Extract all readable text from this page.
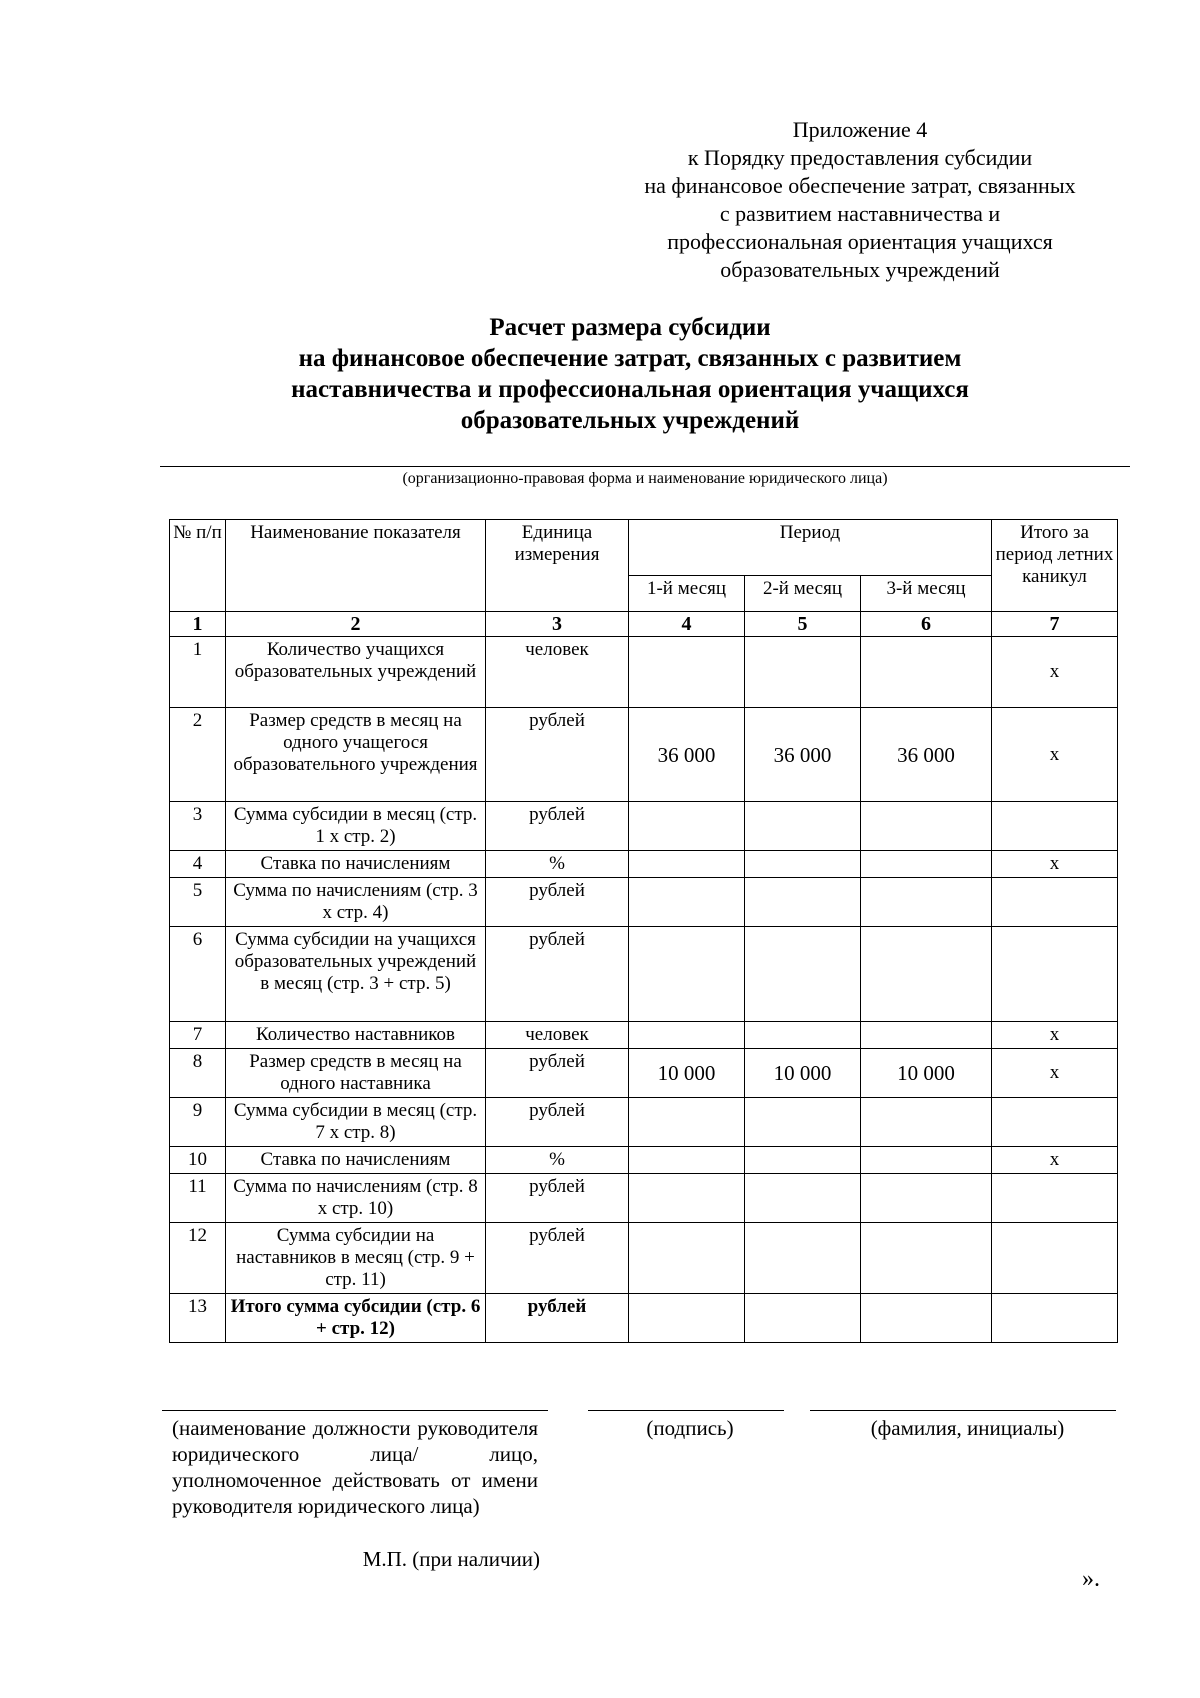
Приложение 4
к Порядку предоставления субсидии
на финансовое обеспечение затрат, связанных
с развитием наставничества и
профессиональная ориентация учащихся
образовательных учреждений
Расчет размера субсидии
на финансовое обеспечение затрат, связанных с развитием
наставничества и профессиональная ориентация учащихся
образовательных учреждений
(организационно-правовая форма и наименование юридического лица)
№ п/п	Наименование показателя	Единица измерения	Период			Итого за период летних каникул
			1-й месяц	2-й месяц	3-й месяц	
1	2	3	4	5	6	7
1	Количество учащихся образовательных учреждений	человек				х
2	Размер средств в месяц на одного учащегося образовательного учреждения	рублей	36 000	36 000	36 000	х
3	Сумма субсидии в месяц (стр. 1 х стр. 2)	рублей				
4	Ставка по начислениям	%				х
5	Сумма по начислениям (стр. 3 х стр. 4)	рублей				
6	Сумма субсидии на учащихся образовательных учреждений в месяц (стр. 3 + стр. 5)	рублей				
7	Количество наставников	человек				х
8	Размер средств в месяц на одного наставника	рублей	10 000	10 000	10 000	х
9	Сумма субсидии в месяц (стр. 7 х стр. 8)	рублей				
10	Ставка по начислениям	%				х
11	Сумма по начислениям (стр. 8 х стр. 10)	рублей				
12	Сумма субсидии на наставников в месяц (стр. 9 + стр. 11)	рублей				
13	Итого сумма субсидии (стр. 6 + стр. 12)	рублей				
(наименование должности руководителя юридического лица/ лицо, уполномоченное действовать от имени руководителя юридического лица)
(подпись)	(фамилия, инициалы)
М.П. (при наличии)
».
